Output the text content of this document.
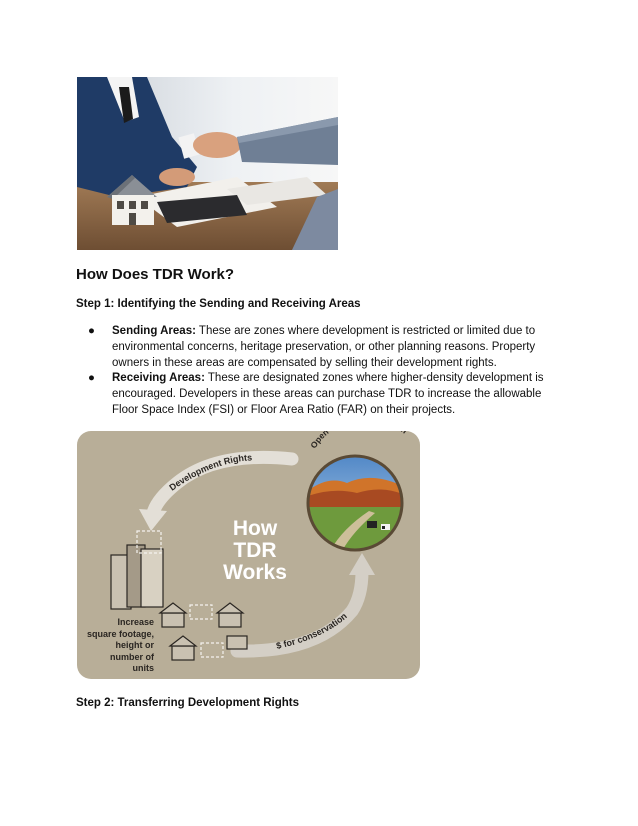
How Does TDR Work?
Step 1: Identifying the Sending and Receiving Areas
● Sending Areas: These are zones where development is restricted or limited due to environmental concerns, heritage preservation, or other planning reasons. Property owners in these areas are compensated by selling their development rights.
● Receiving Areas: These are designated zones where higher-density development is encouraged. Developers in these areas can purchase TDR to increase the allowable Floor Space Index (FSI) or Floor Area Ratio (FAR) on their projects.
Development Rights
$ for conservation
Open
How
TDR
Works
Increase
square footage,
height or
number of
units
Step 2: Transferring Development Rights
